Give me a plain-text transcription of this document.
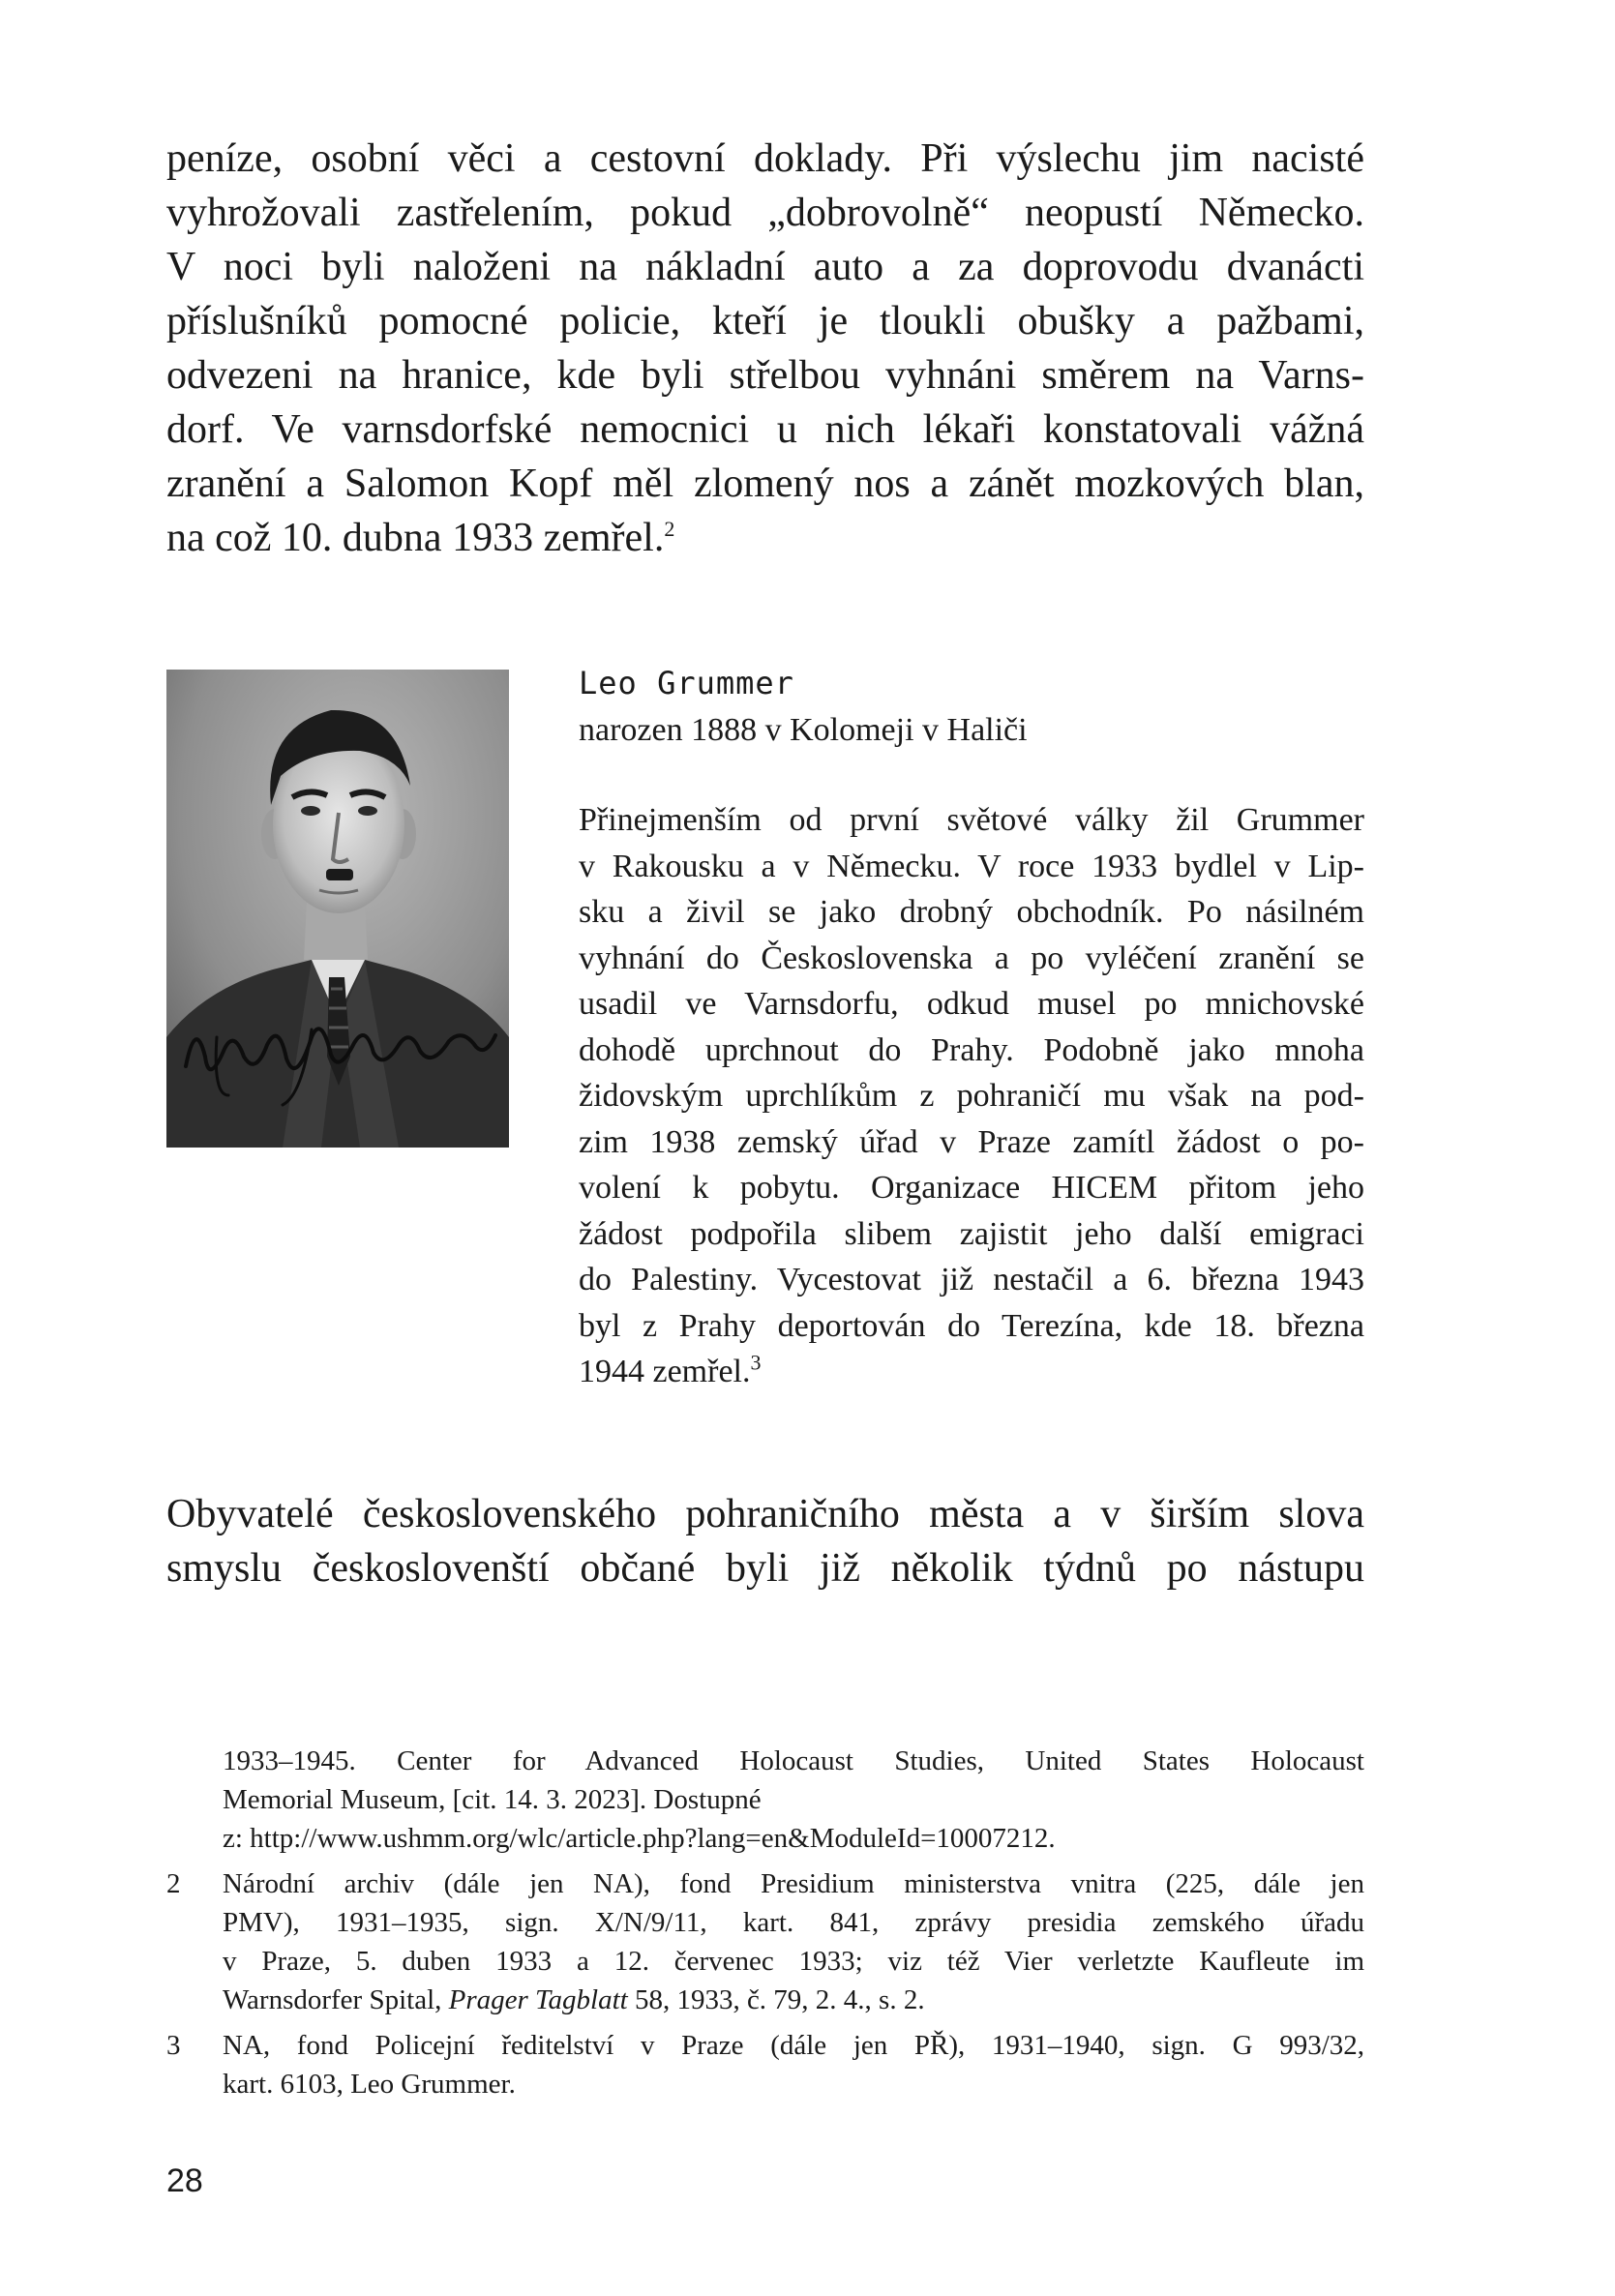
peníze, osobní věci a cestovní doklady. Při výslechu jim nacisté
vyhrožovali zastřelením, pokud „dobrovolně“ neopustí Německo.
V noci byli naloženi na nákladní auto a za doprovodu dvanácti
příslušníků pomocné policie, kteří je tloukli obušky a pažbami,
odvezeni na hranice, kde byli střelbou vyhnáni směrem na Varns-
dorf. Ve varnsdorfské nemocnici u nich lékaři konstatovali vážná
zranění a Salomon Kopf měl zlomený nos a zánět mozkových blan,
na což 10. dubna 1933 zemřel.$^2$

Leo Grummer

narozen 1888 v Kolomeji v Haliči

Přinejmenším od první světové války žil Grummer
v Rakousku a v Německu. V roce 1933 bydlel v Lip-
sku a živil se jako drobný obchodník. Po násilném
vyhnání do Československa a po vyléčení zranění se
usadil ve Varnsdorfu, odkud musel po mnichovské
dohodě uprchnout do Prahy. Podobně jako mnoha
židovským uprchlíkům z pohraničí mu však na pod-
zim 1938 zemský úřad v Praze zamítl žádost o po-
volení k pobytu. Organizace HICEM přitom jeho
žádost podpořila slibem zajistit jeho další emigraci
do Palestiny. Vycestovat již nestačil a 6. března 1943
byl z Prahy deportován do Terezína, kde 18. března
1944 zemřel.$^3$

Obyvatelé československého pohraničního města a v širším slova
smyslu českoslovenští občané byli již několik týdnů po nástupu

1933–1945. Center for Advanced Holocaust Studies, United States Holocaust
Memorial Museum, [cit. 14. 3. 2023]. Dostupné
z: http://www.ushmm.org/wlc/article.php?lang=en&ModuleId=10007212.
2 Národní archiv (dále jen NA), fond Presidium ministerstva vnitra (225, dále jen
PMV), 1931–1935, sign. X/N/9/11, kart. 841, zprávy presidia zemského úřadu
v Praze, 5. duben 1933 a 12. červenec 1933; viz též Vier verletzte Kaufleute im
Warnsdorfer Spital, Prager Tagblatt 58, 1933, č. 79, 2. 4., s. 2.
3 NA, fond Policejní ředitelství v Praze (dále jen PŘ), 1931–1940, sign. G 993/32,
kart. 6103, Leo Grummer.

28
